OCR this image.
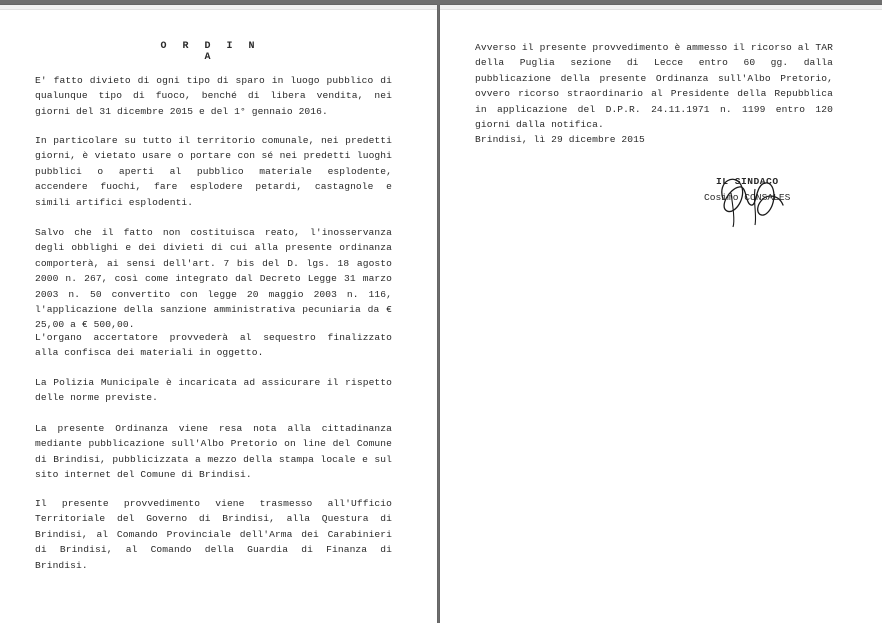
O R D I N A
E' fatto divieto di ogni tipo di sparo in luogo pubblico di qualunque tipo di fuoco, benché di libera vendita, nei giorni del 31 dicembre 2015 e del 1° gennaio 2016.
In particolare su tutto il territorio comunale, nei predetti giorni, è vietato usare o portare con sé nei predetti luoghi pubblici o aperti al pubblico materiale esplodente, accendere fuochi, fare esplodere petardi, castagnole e simili artifici esplodenti.
Salvo che il fatto non costituisca reato, l'inosservanza degli obblighi e dei divieti di cui alla presente ordinanza comporterà, ai sensi dell'art. 7 bis del D. lgs. 18 agosto 2000 n. 267, così come integrato dal Decreto Legge 31 marzo 2003 n. 50 convertito con legge 20 maggio 2003 n. 116, l'applicazione della sanzione amministrativa pecuniaria da € 25,00 a € 500,00.
L'organo accertatore provvederà al sequestro finalizzato alla confisca dei materiali in oggetto.
La Polizia Municipale è incaricata ad assicurare il rispetto delle norme previste.
La presente Ordinanza viene resa nota alla cittadinanza mediante pubblicazione sull'Albo Pretorio on line del Comune di Brindisi, pubblicizzata a mezzo della stampa locale e sul sito internet del Comune di Brindisi.
Il presente provvedimento viene trasmesso all'Ufficio Territoriale del Governo di Brindisi, alla Questura di Brindisi, al Comando Provinciale dell'Arma dei Carabinieri di Brindisi, al Comando della Guardia di Finanza di Brindisi.
Avverso il presente provvedimento è ammesso il ricorso al TAR della Puglia sezione di Lecce entro 60 gg. dalla pubblicazione della presente Ordinanza sull'Albo Pretorio, ovvero ricorso straordinario al Presidente della Repubblica in applicazione del D.P.R. 24.11.1971 n. 1199 entro 120 giorni dalla notifica.
Brindisi, lì 29 dicembre 2015
IL SINDACO
Cosimo CONSALES
